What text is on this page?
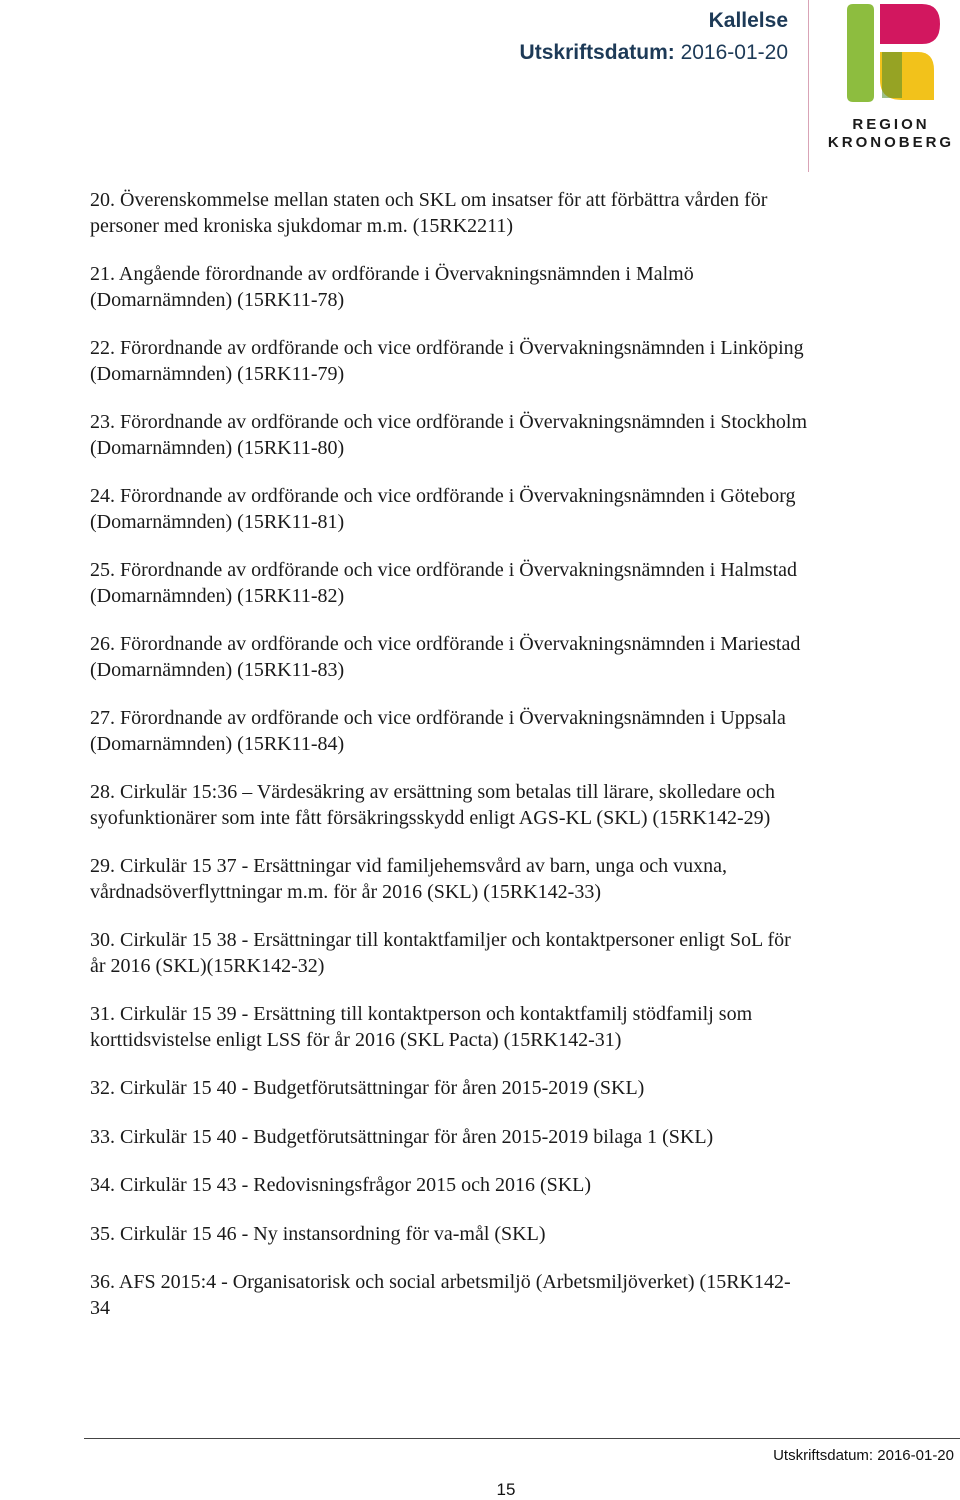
Kallelse
Utskriftsdatum: 2016-01-20
REGION
KRONOBERG
20. Överenskommelse mellan staten och SKL om insatser för att förbättra vården för personer med kroniska sjukdomar m.m. (15RK2211)
21. Angående förordnande av ordförande i Övervakningsnämnden i Malmö (Domarnämnden) (15RK11-78)
22. Förordnande av ordförande och vice ordförande i Övervakningsnämnden i Linköping (Domarnämnden) (15RK11-79)
23. Förordnande av ordförande och vice ordförande i Övervakningsnämnden i Stockholm (Domarnämnden) (15RK11-80)
24. Förordnande av ordförande och vice ordförande i Övervakningsnämnden i Göteborg (Domarnämnden) (15RK11-81)
25. Förordnande av ordförande och vice ordförande i Övervakningsnämnden i Halmstad (Domarnämnden) (15RK11-82)
26. Förordnande av ordförande och vice ordförande i Övervakningsnämnden i Mariestad (Domarnämnden) (15RK11-83)
27. Förordnande av ordförande och vice ordförande i Övervakningsnämnden i Uppsala (Domarnämnden) (15RK11-84)
28. Cirkulär 15:36 – Värdesäkring av ersättning som betalas till lärare, skolledare och syofunktionärer som inte fått försäkringsskydd enligt AGS-KL (SKL) (15RK142-29)
29. Cirkulär 15 37 - Ersättningar vid familjehemsvård av barn, unga och vuxna, vårdnadsöverflyttningar m.m. för år 2016 (SKL) (15RK142-33)
30. Cirkulär 15 38 - Ersättningar till kontaktfamiljer och kontaktpersoner enligt SoL för år 2016 (SKL)(15RK142-32)
31. Cirkulär 15 39 - Ersättning till kontaktperson och kontaktfamilj stödfamilj som korttidsvistelse enligt LSS för år 2016 (SKL Pacta) (15RK142-31)
32. Cirkulär 15 40 - Budgetförutsättningar för åren 2015-2019 (SKL)
33. Cirkulär 15 40 - Budgetförutsättningar för åren 2015-2019 bilaga 1 (SKL)
34. Cirkulär 15 43 - Redovisningsfrågor 2015 och 2016 (SKL)
35. Cirkulär 15 46 - Ny instansordning för va-mål (SKL)
36. AFS 2015:4 - Organisatorisk och social arbetsmiljö (Arbetsmiljöverket) (15RK142-34
Utskriftsdatum: 2016-01-20
15
